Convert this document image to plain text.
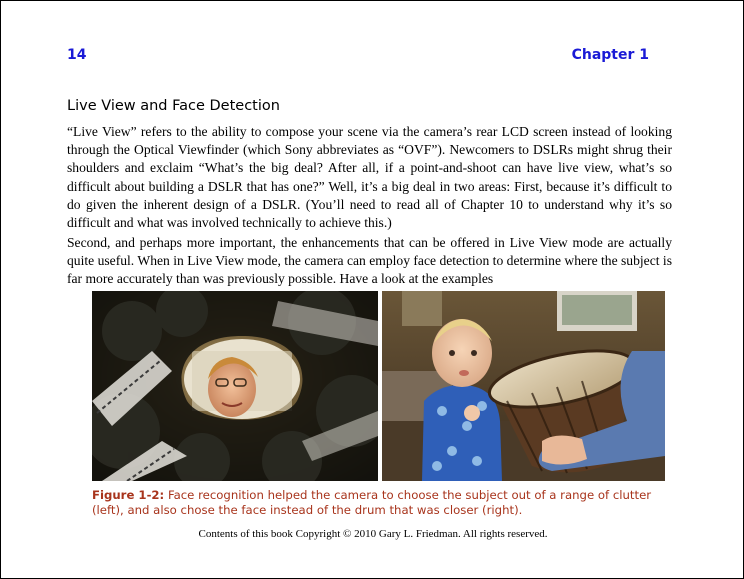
14	Chapter 1
Live View and Face Detection
“Live View” refers to the ability to compose your scene via the camera’s rear LCD screen instead of looking through the Optical Viewfinder (which Sony abbreviates as “OVF”). Newcomers to DSLRs might shrug their shoulders and exclaim “What’s the big deal? After all, if a point-and-shoot can have live view, what’s so difficult about building a DSLR that has one?” Well, it’s a big deal in two areas: First, because it’s difficult to do given the inherent design of a DSLR. (You’ll need to read all of Chapter 10 to understand why it’s so difficult and what was involved technically to achieve this.)
Second, and perhaps more important, the enhancements that can be offered in Live View mode are actually quite useful. When in Live View mode, the camera can employ face detection to determine where the subject is far more accurately than was previously possible. Have a look at the examples
Figure 1-2: Face recognition helped the camera to choose the subject out of a range of clutter (left), and also chose the face instead of the drum that was closer (right).
Contents of this book Copyright © 2010 Gary L. Friedman. All rights reserved.
